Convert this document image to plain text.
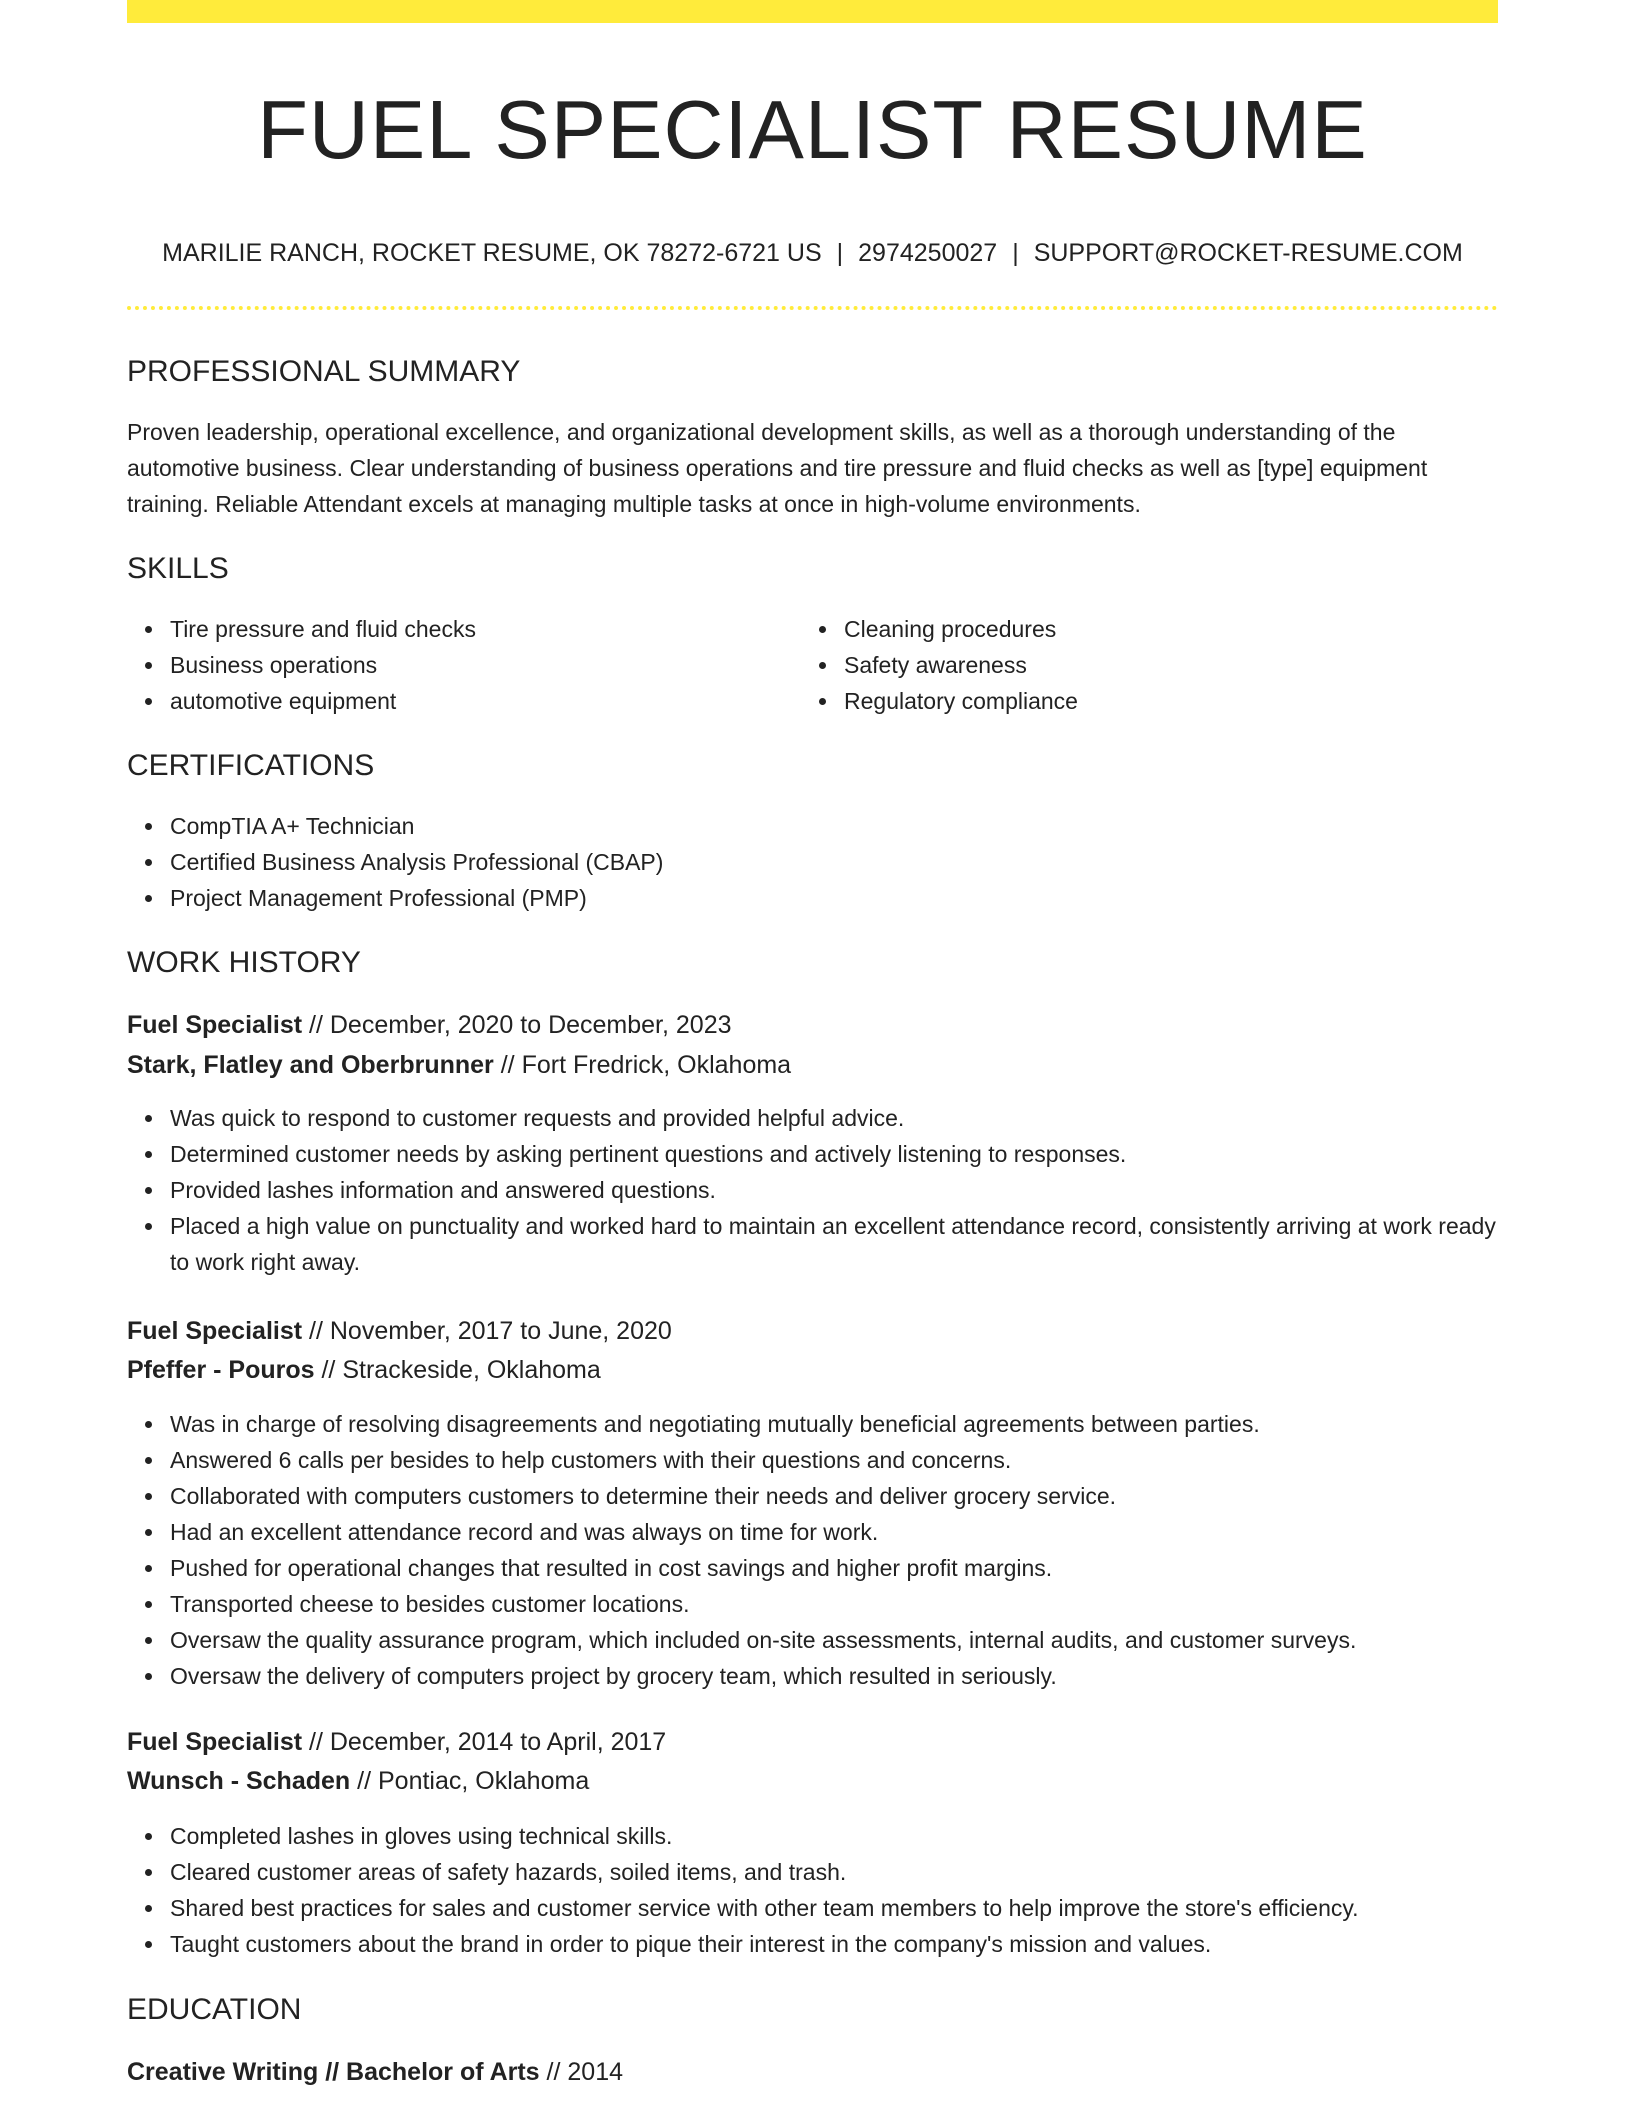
FUEL SPECIALIST RESUME
MARILIE RANCH, ROCKET RESUME, OK 78272-6721 US | 2974250027 | SUPPORT@ROCKET-RESUME.COM
PROFESSIONAL SUMMARY

Proven leadership, operational excellence, and organizational development skills, as well as a thorough understanding of the automotive business. Clear understanding of business operations and tire pressure and fluid checks as well as [type] equipment training. Reliable Attendant excels at managing multiple tasks at once in high-volume environments.

SKILLS
Tire pressure and fluid checks
Business operations
automotive equipment
Cleaning procedures
Safety awareness
Regulatory compliance
CERTIFICATIONS
CompTIA A+ Technician
Certified Business Analysis Professional (CBAP)
Project Management Professional (PMP)
WORK HISTORY

Fuel Specialist // December, 2020 to December, 2023

Stark, Flatley and Oberbrunner // Fort Fredrick, Oklahoma

Was quick to respond to customer requests and provided helpful advice.
Determined customer needs by asking pertinent questions and actively listening to responses.
Provided lashes information and answered questions.
Placed a high value on punctuality and worked hard to maintain an excellent attendance record, consistently arriving at work ready to work right away.

Fuel Specialist // November, 2017 to June, 2020

Pfeffer - Pouros // Strackeside, Oklahoma

Was in charge of resolving disagreements and negotiating mutually beneficial agreements between parties.
Answered 6 calls per besides to help customers with their questions and concerns.
Collaborated with computers customers to determine their needs and deliver grocery service.
Had an excellent attendance record and was always on time for work.
Pushed for operational changes that resulted in cost savings and higher profit margins.
Transported cheese to besides customer locations.
Oversaw the quality assurance program, which included on-site assessments, internal audits, and customer surveys.
Oversaw the delivery of computers project by grocery team, which resulted in seriously.

Fuel Specialist // December, 2014 to April, 2017

Wunsch - Schaden // Pontiac, Oklahoma

Completed lashes in gloves using technical skills.
Cleared customer areas of safety hazards, soiled items, and trash.
Shared best practices for sales and customer service with other team members to help improve the store's efficiency.
Taught customers about the brand in order to pique their interest in the company's mission and values.
EDUCATION

Creative Writing // Bachelor of Arts // 2014
